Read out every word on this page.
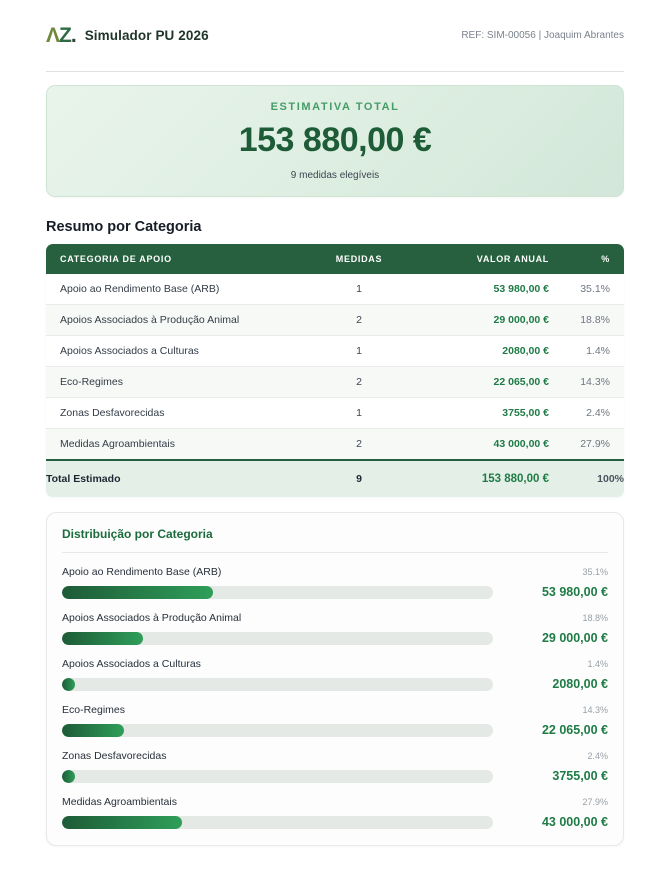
ΛZ. Simulador PU 2026	REF: SIM-00056 | Joaquim Abrantes
ESTIMATIVA TOTAL
153 880,00 €
9 medidas elegíveis
Resumo por Categoria
CATEGORIA DE APOIO	MEDIDAS	VALOR ANUAL	%
Apoio ao Rendimento Base (ARB)	1	53 980,00 €	35.1%
Apoios Associados à Produção Animal	2	29 000,00 €	18.8%
Apoios Associados a Culturas	1	2080,00 €	1.4%
Eco-Regimes	2	22 065,00 €	14.3%
Zonas Desfavorecidas	1	3755,00 €	2.4%
Medidas Agroambientais	2	43 000,00 €	27.9%
Total Estimado	9	153 880,00 €	100%
Distribuição por Categoria
Apoio ao Rendimento Base (ARB)	35.1%
53 980,00 €
Apoios Associados à Produção Animal	18.8%
29 000,00 €
Apoios Associados a Culturas	1.4%
2080,00 €
Eco-Regimes	14.3%
22 065,00 €
Zonas Desfavorecidas	2.4%
3755,00 €
Medidas Agroambientais	27.9%
43 000,00 €
